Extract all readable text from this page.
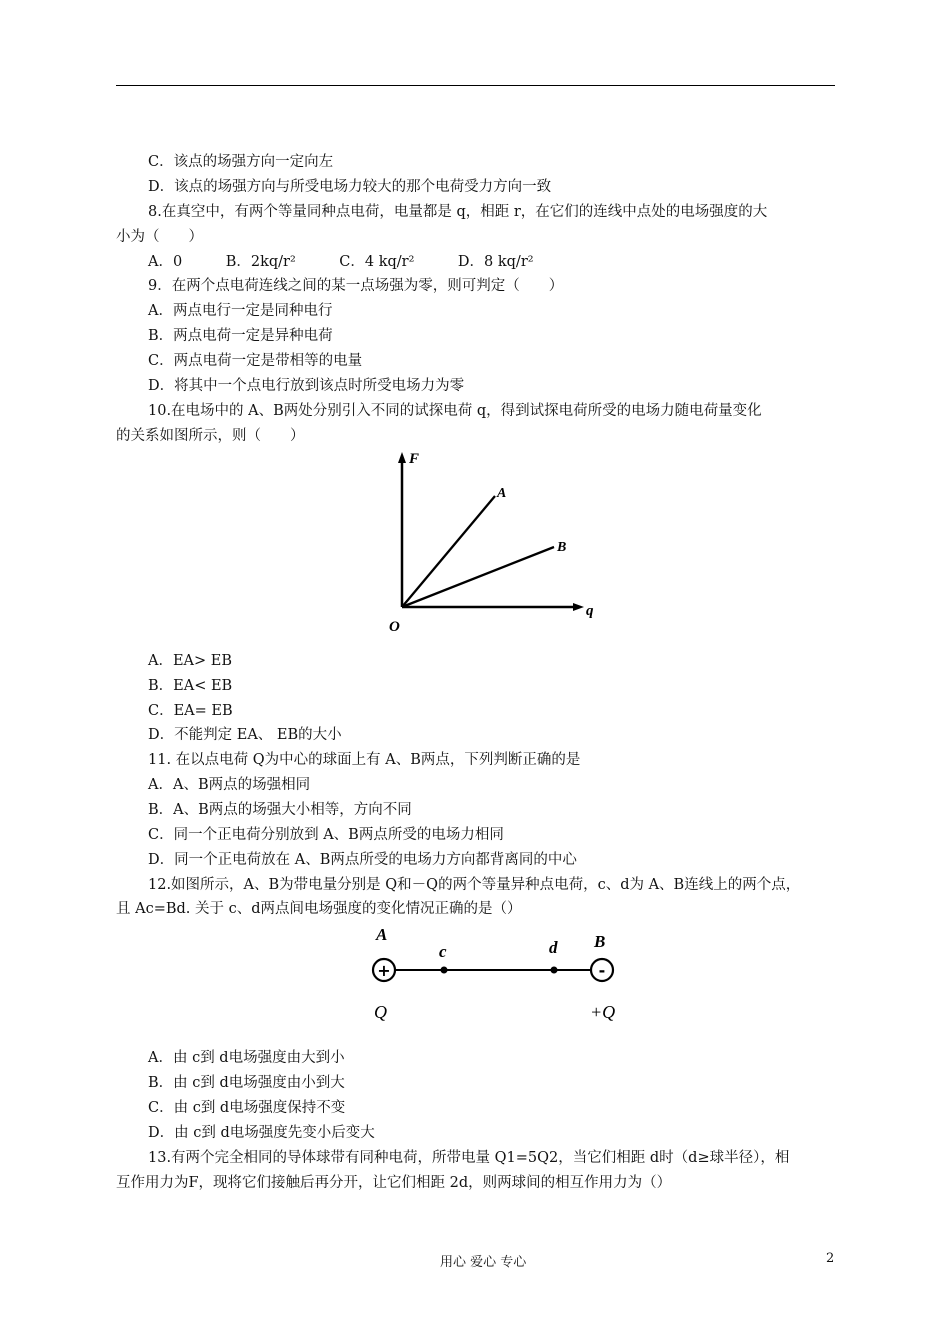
C．该点的场强方向一定向左
D．该点的场强方向与所受电场力较大的那个电荷受力方向一致
8.在真空中，有两个等量同种点电荷，电量都是 q，相距 r，在它们的连线中点处的电场强度的大
小为（　　）
A．0　　　B．2kq/r²　　　C．4 kq/r²　　　D．8 kq/r²
9．在两个点电荷连线之间的某一点场强为零，则可判定（　　）
A．两点电行一定是同种电行
B．两点电荷一定是异种电荷
C．两点电荷一定是带相等的电量
D．将其中一个点电行放到该点时所受电场力为零
10.在电场中的 A、B两处分别引入不同的试探电荷 q，得到试探电荷所受的电场力随电荷量变化
的关系如图所示，则（　　）
F
q
O
A
B
A．EA> EB
B．EA< EB
C．EA= EB
D．不能判定 EA、 EB的大小
11. 在以点电荷 Q为中心的球面上有 A、B两点，下列判断正确的是
A．A、B两点的场强相同
B．A、B两点的场强大小相等，方向不同
C．同一个正电荷分别放到 A、B两点所受的电场力相同
D．同一个正电荷放在 A、B两点所受的电场力方向都背离同的中心
12.如图所示，A、B为带电量分别是 Q和－Q的两个等量异种点电荷，c、d为 A、B连线上的两个点，
且 Ac=Bd. 关于 c、d两点间电场强度的变化情况正确的是（）
+	-
A	B
c	d
Q	+Q
A．由 c到 d电场强度由大到小
B．由 c到 d电场强度由小到大
C．由 c到 d电场强度保持不变
D．由 c到 d电场强度先变小后变大
13.有两个完全相同的导体球带有同种电荷，所带电量 Q1=5Q2，当它们相距 d时（d≥球半径），相
互作用力为F，现将它们接触后再分开，让它们相距 2d，则两球间的相互作用力为（）
用心 爱心 专心	2
